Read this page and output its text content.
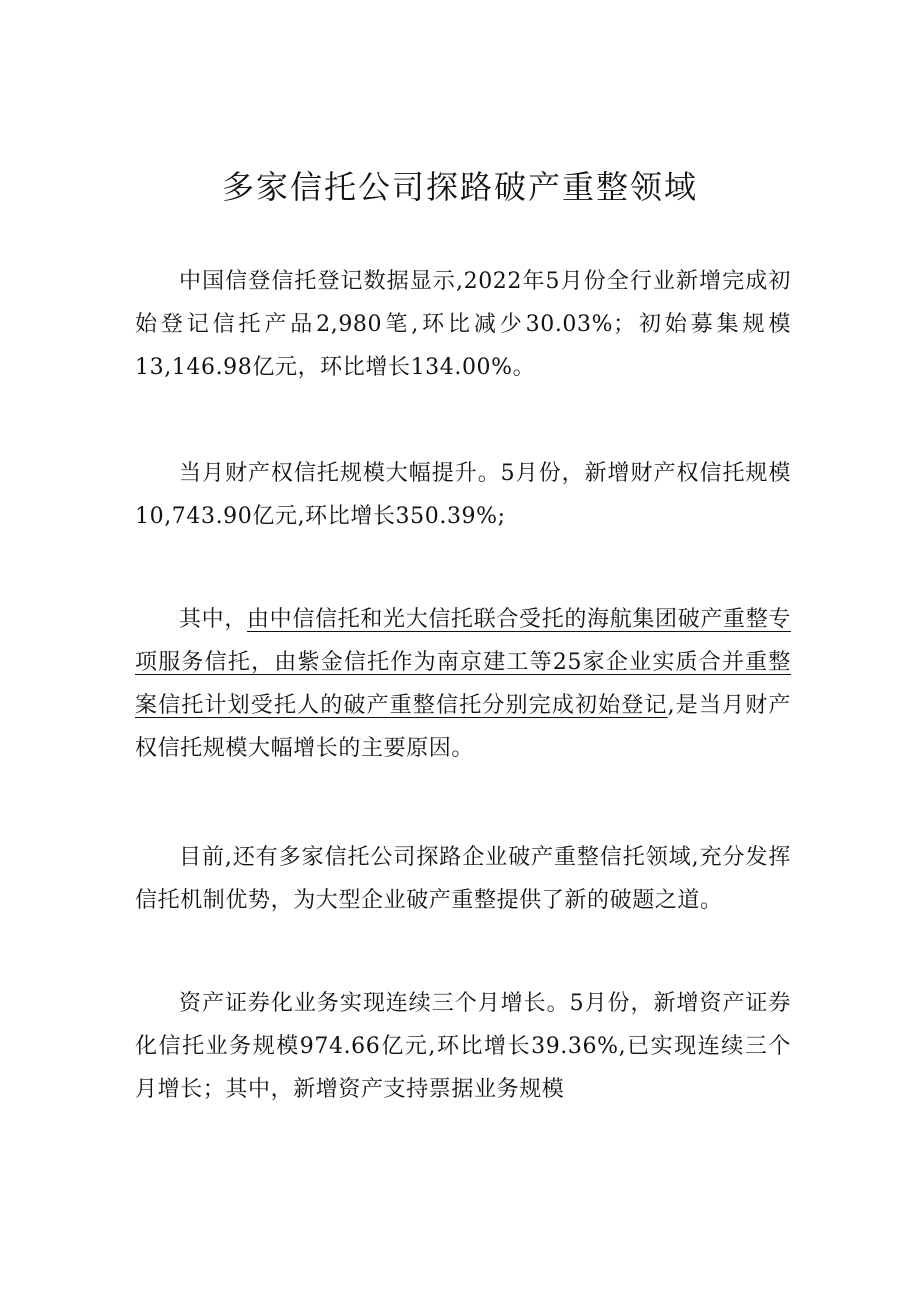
多家信托公司探路破产重整领域

中国信登信托登记数据显示,2022年5月份全行业新增完成初始登记信托产品2,980笔,环比减少30.03%；初始募集规模13,146.98亿元，环比增长134.00%。

当月财产权信托规模大幅提升。5月份，新增财产权信托规模10,743.90亿元,环比增长350.39%;

其中，由中信信托和光大信托联合受托的海航集团破产重整专项服务信托，由紫金信托作为南京建工等25家企业实质合并重整案信托计划受托人的破产重整信托分别完成初始登记,是当月财产权信托规模大幅增长的主要原因。

目前,还有多家信托公司探路企业破产重整信托领域,充分发挥信托机制优势，为大型企业破产重整提供了新的破题之道。

资产证券化业务实现连续三个月增长。5月份，新增资产证券化信托业务规模974.66亿元,环比增长39.36%,已实现连续三个月增长；其中，新增资产支持票据业务规模
